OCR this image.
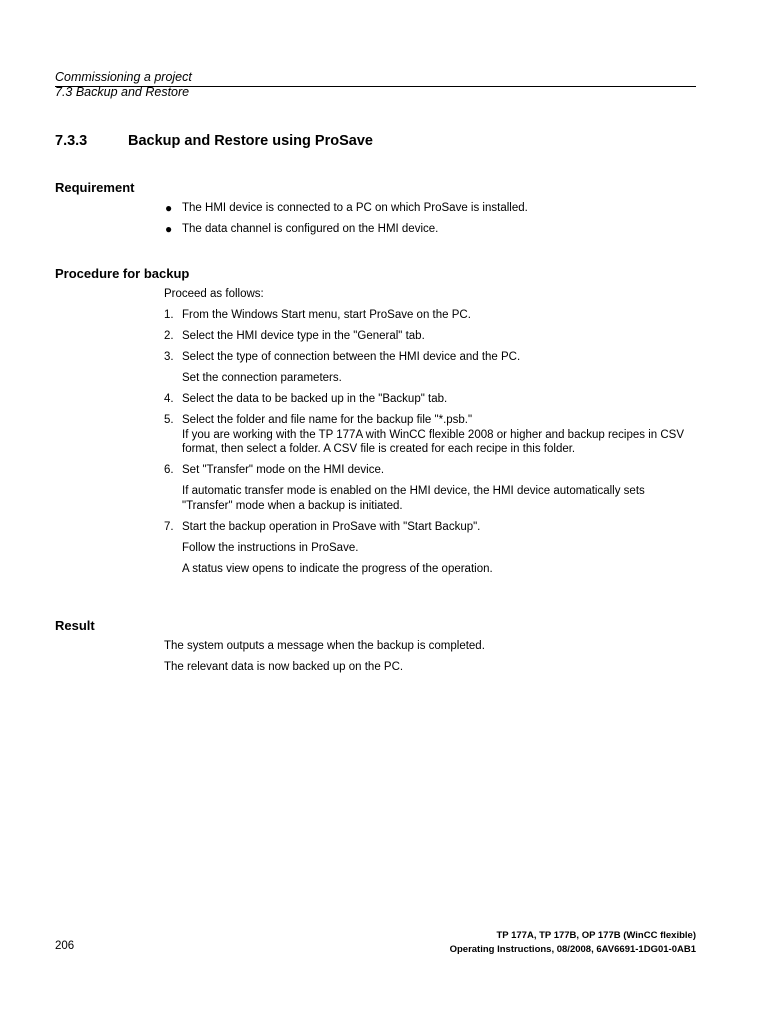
Commissioning a project
7.3 Backup and Restore
7.3.3	Backup and Restore using ProSave
Requirement
● The HMI device is connected to a PC on which ProSave is installed.
● The data channel is configured on the HMI device.
Procedure for backup
Proceed as follows:
1. From the Windows Start menu, start ProSave on the PC.
2. Select the HMI device type in the "General" tab.
3. Select the type of connection between the HMI device and the PC.
Set the connection parameters.
4. Select the data to be backed up in the "Backup" tab.
5. Select the folder and file name for the backup file "*.psb."
If you are working with the TP 177A with WinCC flexible 2008 or higher and backup recipes in CSV format, then select a folder. A CSV file is created for each recipe in this folder.
6. Set "Transfer" mode on the HMI device.
If automatic transfer mode is enabled on the HMI device, the HMI device automatically sets "Transfer" mode when a backup is initiated.
7. Start the backup operation in ProSave with "Start Backup".
Follow the instructions in ProSave.
A status view opens to indicate the progress of the operation.
Result
The system outputs a message when the backup is completed.
The relevant data is now backed up on the PC.
206
TP 177A, TP 177B, OP 177B (WinCC flexible)
Operating Instructions, 08/2008, 6AV6691-1DG01-0AB1
